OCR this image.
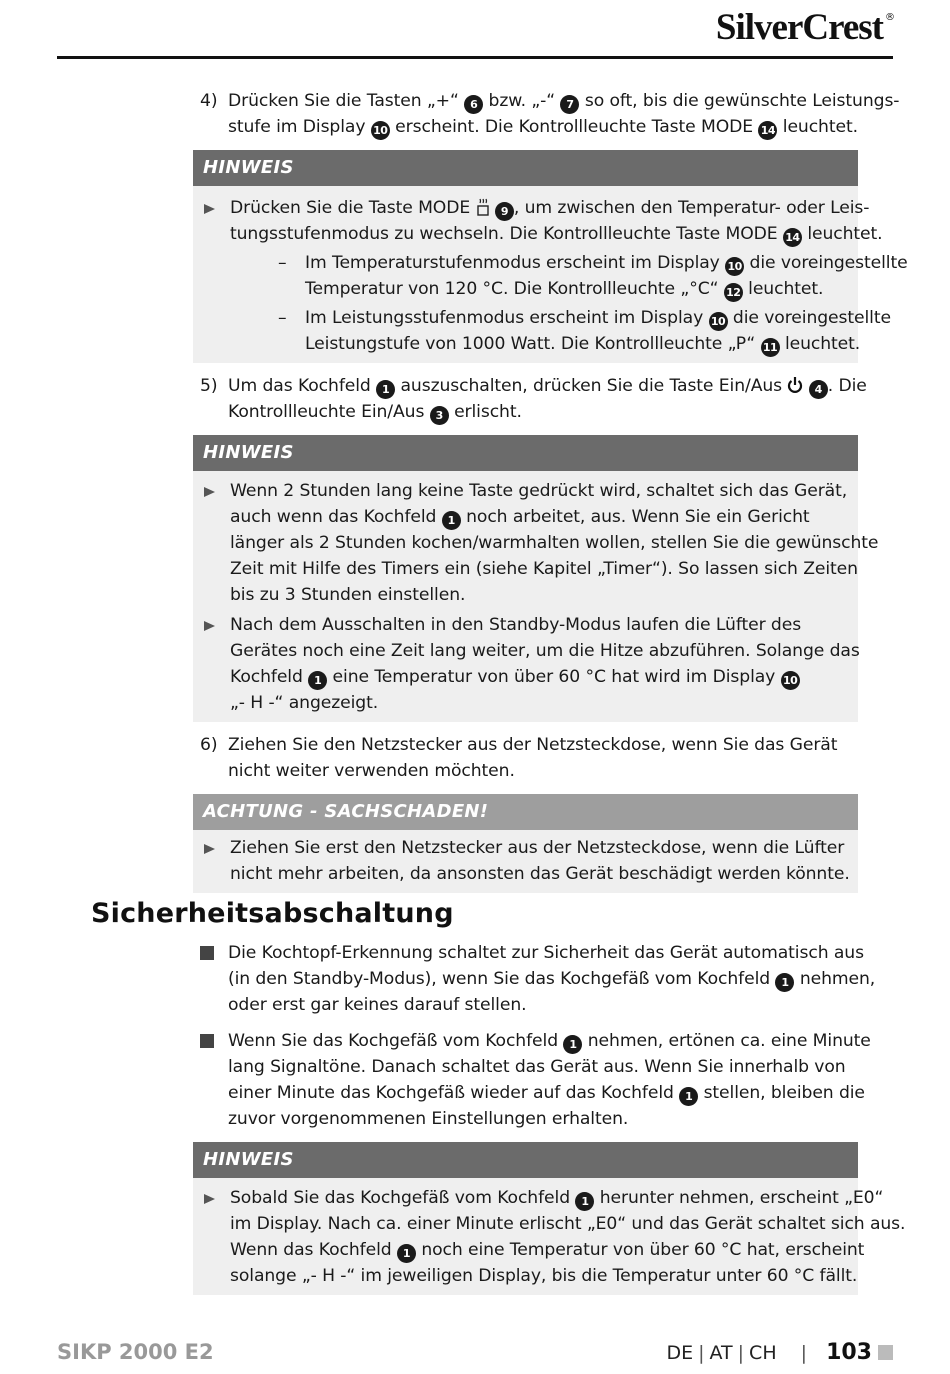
SilverCrest ®
4) Drücken Sie die Tasten „+“ 6 bzw. „-“ 7 so oft, bis die gewünschte Leistungs-
stufe im Display 10 erscheint. Die Kontrollleuchte Taste MODE 14 leuchtet.
HINWEIS
Drücken Sie die Taste MODE	9 , um zwischen den Temperatur- oder Leis-
tungsstufenmodus zu wechseln. Die Kontrollleuchte Taste MODE 14 leuchtet.
– Im Temperaturstufenmodus erscheint im Display 10 die voreingestellte
Temperatur von 120 °C. Die Kontrollleuchte „°C“ 12 leuchtet.
– Im Leistungsstufenmodus erscheint im Display 10 die voreingestellte
Leistungstufe von 1000 Watt. Die Kontrollleuchte „P“ 11 leuchtet.
5) Um das Kochfeld 1 auszuschalten, drücken Sie die Taste Ein/Aus	4 . Die
Kontrollleuchte Ein/Aus 3 erlischt.
HINWEIS
Wenn 2 Stunden lang keine Taste gedrückt wird, schaltet sich das Gerät,
auch wenn das Kochfeld 1 noch arbeitet, aus. Wenn Sie ein Gericht
länger als 2 Stunden kochen/warmhalten wollen, stellen Sie die gewünschte
Zeit mit Hilfe des Timers ein (siehe Kapitel „Timer“). So lassen sich Zeiten
bis zu 3 Stunden einstellen.
Nach dem Ausschalten in den Standby-Modus laufen die Lüfter des
Gerätes noch eine Zeit lang weiter, um die Hitze abzuführen. Solange das
Kochfeld 1 eine Temperatur von über 60 °C hat wird im Display 10
„- H -“ angezeigt.
6) Ziehen Sie den Netzstecker aus der Netzsteckdose, wenn Sie das Gerät
nicht weiter verwenden möchten.
ACHTUNG - SACHSCHADEN!
Ziehen Sie erst den Netzstecker aus der Netzsteckdose, wenn die Lüfter
nicht mehr arbeiten, da ansonsten das Gerät beschädigt werden könnte.
Sicherheitsabschaltung
Die Kochtopf-Erkennung schaltet zur Sicherheit das Gerät automatisch aus
(in den Standby-Modus), wenn Sie das Kochgefäß vom Kochfeld 1 nehmen,
oder erst gar keines darauf stellen.
Wenn Sie das Kochgefäß vom Kochfeld 1 nehmen, ertönen ca. eine Minute
lang Signaltöne. Danach schaltet das Gerät aus. Wenn Sie innerhalb von
einer Minute das Kochgefäß wieder auf das Kochfeld 1 stellen, bleiben die
zuvor vorgenommenen Einstellungen erhalten.
HINWEIS
Sobald Sie das Kochgefäß vom Kochfeld 1 herunter nehmen, erscheint „E0“
im Display. Nach ca. einer Minute erlischt „E0“ und das Gerät schaltet sich aus.
Wenn das Kochfeld 1 noch eine Temperatur von über 60 °C hat, erscheint
solange „- H -“ im jeweiligen Display, bis die Temperatur unter 60 °C fällt.
SIKP 2000 E2	DE | AT | CH | 103
